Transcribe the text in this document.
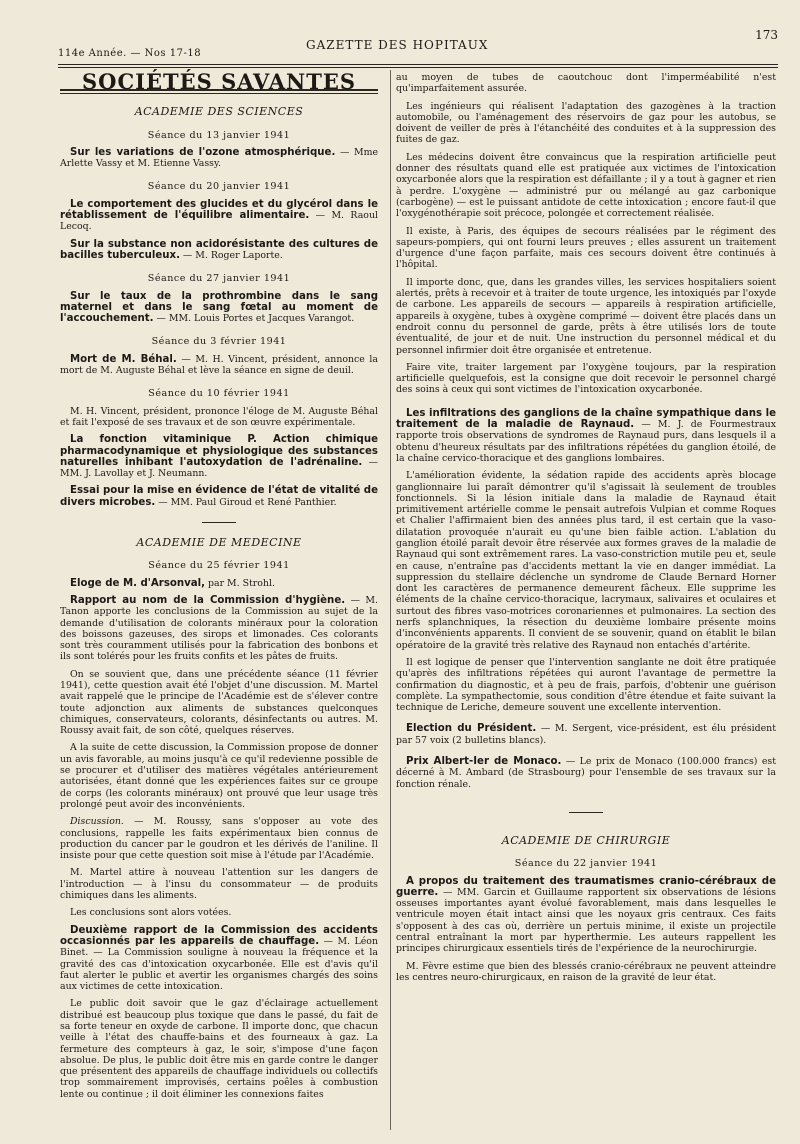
114e Année. — Nos 17-18
GAZETTE DES HOPITAUX
173
SOCIÉTÉS SAVANTES
ACADEMIE DES SCIENCES
Séance du 13 janvier 1941

Sur les variations de l'ozone atmosphérique. — Mme Arlette Vassy et M. Etienne Vassy.

Séance du 20 janvier 1941

Le comportement des glucides et du glycérol dans le rétablissement de l'équilibre alimentaire. — M. Raoul Lecoq.

Sur la substance non acidorésistante des cultures de bacilles tuberculeux. — M. Roger Laporte.

Séance du 27 janvier 1941

Sur le taux de la prothrombine dans le sang maternel et dans le sang fœtal au moment de l'accouchement. — MM. Louis Portes et Jacques Varangot.

Séance du 3 février 1941

Mort de M. Béhal. — M. H. Vincent, président, annonce la mort de M. Auguste Béhal et lève la séance en signe de deuil.

Séance du 10 février 1941

M. H. Vincent, président, prononce l'éloge de M. Auguste Béhal et fait l'exposé de ses travaux et de son œuvre expérimentale.

La fonction vitaminique P. Action chimique pharmacodynamique et physiologique des substances naturelles inhibant l'autoxydation de l'adrénaline. — MM. J. Lavollay et J. Neumann.

Essai pour la mise en évidence de l'état de vitalité de divers microbes. — MM. Paul Giroud et René Panthier.

ACADEMIE DE MEDECINE
Séance du 25 février 1941

Eloge de M. d'Arsonval, par M. Strohl.

Rapport au nom de la Commission d'hygiène. — M. Tanon apporte les conclusions de la Commission au sujet de la demande d'utilisation de colorants minéraux pour la coloration des boissons gazeuses, des sirops et limonades. Ces colorants sont très couramment utilisés pour la fabrication des bonbons et ils sont tolérés pour les fruits confits et les pâtes de fruits.

On se souvient que, dans une précédente séance (11 février 1941), cette question avait été l'objet d'une discussion. M. Martel avait rappelé que le principe de l'Académie est de s'élever contre toute adjonction aux aliments de substances quelconques chimiques, conservateurs, colorants, désinfectants ou autres. M. Roussy avait fait, de son côté, quelques réserves.

A la suite de cette discussion, la Commission propose de donner un avis favorable, au moins jusqu'à ce qu'il redevienne possible de se procurer et d'utiliser des matières végétales antérieurement autorisées, étant donné que les expériences faites sur ce groupe de corps (les colorants minéraux) ont prouvé que leur usage très prolongé peut avoir des inconvénients.

Discussion. — M. Roussy, sans s'opposer au vote des conclusions, rappelle les faits expérimentaux bien connus de production du cancer par le goudron et les dérivés de l'aniline. Il insiste pour que cette question soit mise à l'étude par l'Académie.

M. Martel attire à nouveau l'attention sur les dangers de l'introduction — à l'insu du consommateur — de produits chimiques dans les aliments.

Les conclusions sont alors votées.

Deuxième rapport de la Commission des accidents occasionnés par les appareils de chauffage. — M. Léon Binet. — La Commission souligne à nouveau la fréquence et la gravité des cas d'intoxication oxycarbonée. Elle est d'avis qu'il faut alerter le public et avertir les organismes chargés des soins aux victimes de cette intoxication.

Le public doit savoir que le gaz d'éclairage actuellement distribué est beaucoup plus toxique que dans le passé, du fait de sa forte teneur en oxyde de carbone. Il importe donc, que chacun veille à l'état des chauffe-bains et des fourneaux à gaz. La fermeture des compteurs à gaz, le soir, s'impose d'une façon absolue. De plus, le public doit être mis en garde contre le danger que présentent des appareils de chauffage individuels ou collectifs trop sommairement improvisés, certains poêles à combustion lente ou continue ; il doit éliminer les connexions faites

au moyen de tubes de caoutchouc dont l'imperméabilité n'est qu'imparfaitement assurée.

Les ingénieurs qui réalisent l'adaptation des gazogènes à la traction automobile, ou l'aménagement des réservoirs de gaz pour les autobus, se doivent de veiller de près à l'étanchéité des conduites et à la suppression des fuites de gaz.

Les médecins doivent être convaincus que la respiration artificielle peut donner des résultats quand elle est pratiquée aux victimes de l'intoxication oxycarbonée alors que la respiration est défaillante ; il y a tout à gagner et rien à perdre. L'oxygène — administré pur ou mélangé au gaz carbonique (carbogène) — est le puissant antidote de cette intoxication ; encore faut-il que l'oxygénothérapie soit précoce, polongée et correctement réalisée.

Il existe, à Paris, des équipes de secours réalisées par le régiment des sapeurs-pompiers, qui ont fourni leurs preuves ; elles assurent un traitement d'urgence d'une façon parfaite, mais ces secours doivent être continués à l'hôpital.

Il importe donc, que, dans les grandes villes, les services hospitaliers soient alertés, prêts à recevoir et à traiter de toute urgence, les intoxiqués par l'oxyde de carbone. Les appareils de secours — appareils à respiration artificielle, appareils à oxygène, tubes à oxygène comprimé — doivent être placés dans un endroit connu du personnel de garde, prêts à être utilisés lors de toute éventualité, de jour et de nuit. Une instruction du personnel médical et du personnel infirmier doit être organisée et entretenue.

Faire vite, traiter largement par l'oxygène toujours, par la respiration artificielle quelquefois, est la consigne que doit recevoir le personnel chargé des soins à ceux qui sont victimes de l'intoxication oxycarbonée.

Les infiltrations des ganglions de la chaîne sympathique dans le traitement de la maladie de Raynaud. — M. J. de Fourmestraux rapporte trois observations de syndromes de Raynaud purs, dans lesquels il a obtenu d'heureux résultats par des infiltrations répétées du ganglion étoilé, de la chaîne cervico-thoracique et des ganglions lombaires.

L'amélioration évidente, la sédation rapide des accidents après blocage ganglionnaire lui paraît démontrer qu'il s'agissait là seulement de troubles fonctionnels. Si la lésion initiale dans la maladie de Raynaud était primitivement artérielle comme le pensait autrefois Vulpian et comme Roques et Chalier l'affirmaient bien des années plus tard, il est certain que la vaso-dilatation provoquée n'aurait eu qu'une bien faible action. L'ablation du ganglion étoilé paraît devoir être réservée aux formes graves de la maladie de Raynaud qui sont extrêmement rares. La vaso-constriction mutile peu et, seule en cause, n'entraîne pas d'accidents mettant la vie en danger immédiat. La suppression du stellaire déclenche un syndrome de Claude Bernard Horner dont les caractères de permanence demeurent fâcheux. Elle supprime les éléments de la chaîne cervico-thoracique, lacrymaux, salivaires et oculaires et surtout des fibres vaso-motrices coronariennes et pulmonaires. La section des nerfs splanchniques, la résection du deuxième lombaire présente moins d'inconvénients apparents. Il convient de se souvenir, quand on établit le bilan opératoire de la gravité très relative des Raynaud non entachés d'artérite.

Il est logique de penser que l'intervention sanglante ne doit être pratiquée qu'après des infiltrations répétées qui auront l'avantage de permettre la confirmation du diagnostic, et à peu de frais, parfois, d'obtenir une guérison complète. La sympathectomie, sous condition d'être étendue et faite suivant la technique de Leriche, demeure souvent une excellente intervention.

Election du Président. — M. Sergent, vice-président, est élu président par 57 voix (2 bulletins blancs).

Prix Albert-Ier de Monaco. — Le prix de Monaco (100.000 francs) est décerné à M. Ambard (de Strasbourg) pour l'ensemble de ses travaux sur la fonction rénale.

ACADEMIE DE CHIRURGIE
Séance du 22 janvier 1941

A propos du traitement des traumatismes cranio-cérébraux de guerre. — MM. Garcin et Guillaume rapportent six observations de lésions osseuses importantes ayant évolué favorablement, mais dans lesquelles le ventricule moyen était intact ainsi que les noyaux gris centraux. Ces faits s'opposent à des cas où, derrière un pertuis minime, il existe un projectile central entraînant la mort par hyperthermie. Les auteurs rappellent les principes chirurgicaux essentiels tirés de l'expérience de la neurochirurgie.

M. Fèvre estime que bien des blessés cranio-cérébraux ne peuvent atteindre les centres neuro-chirurgicaux, en raison de la gravité de leur état.
